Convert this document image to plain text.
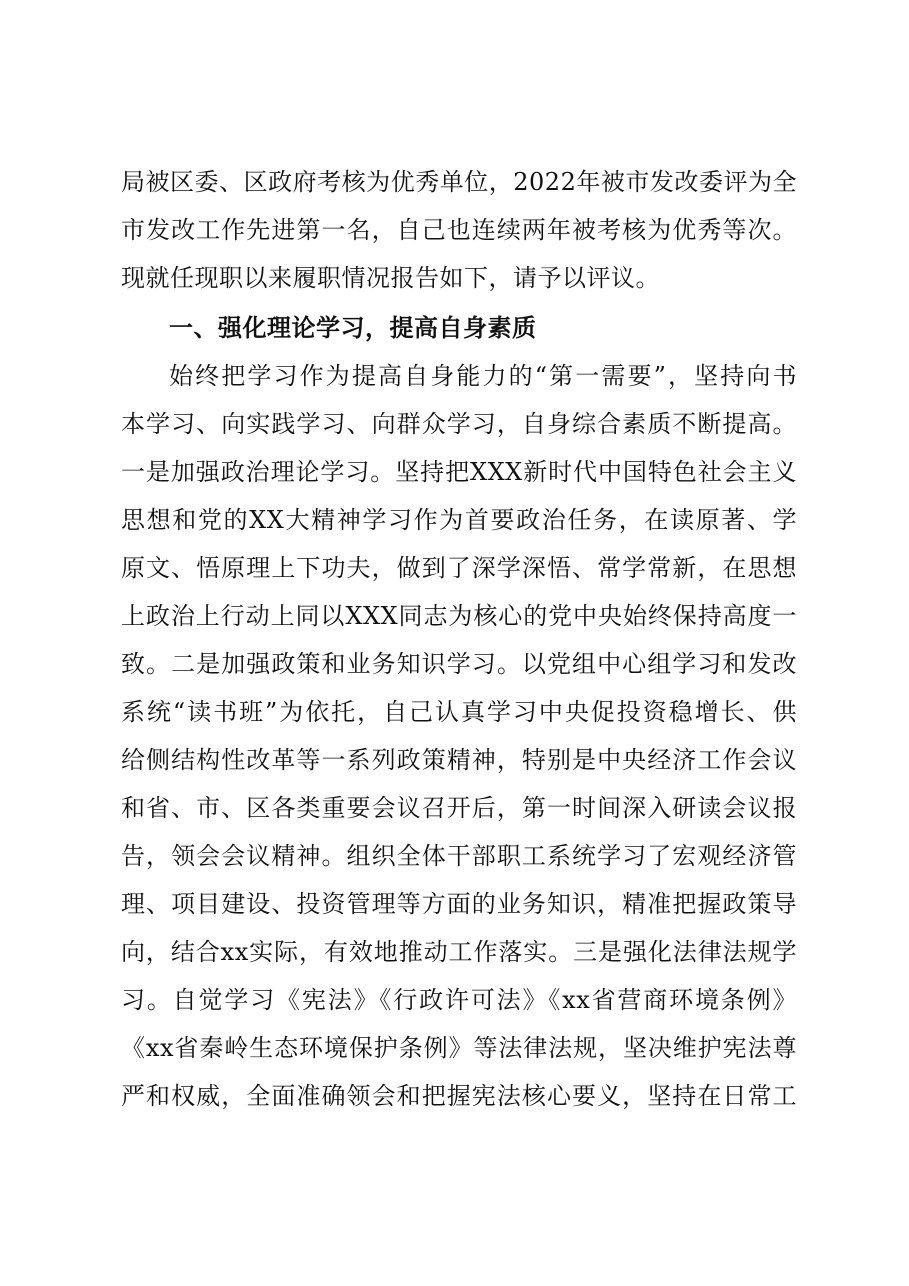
局被区委、区政府考核为优秀单位，2022年被市发改委评为全
市发改工作先进第一名，自己也连续两年被考核为优秀等次。
现就任现职以来履职情况报告如下，请予以评议。
一、强化理论学习，提高自身素质
始终把学习作为提高自身能力的“第一需要”，坚持向书
本学习、向实践学习、向群众学习，自身综合素质不断提高。
一是加强政治理论学习。坚持把XXX新时代中国特色社会主义
思想和党的XX大精神学习作为首要政治任务，在读原著、学
原文、悟原理上下功夫，做到了深学深悟、常学常新，在思想
上政治上行动上同以XXX同志为核心的党中央始终保持高度一
致。二是加强政策和业务知识学习。以党组中心组学习和发改
系统“读书班”为依托，自己认真学习中央促投资稳增长、供
给侧结构性改革等一系列政策精神，特别是中央经济工作会议
和省、市、区各类重要会议召开后，第一时间深入研读会议报
告，领会会议精神。组织全体干部职工系统学习了宏观经济管
理、项目建设、投资管理等方面的业务知识，精准把握政策导
向，结合xx实际，有效地推动工作落实。三是强化法律法规学
习。自觉学习《宪法》《行政许可法》《xx省营商环境条例》
《xx省秦岭生态环境保护条例》等法律法规，坚决维护宪法尊
严和权威，全面准确领会和把握宪法核心要义，坚持在日常工
